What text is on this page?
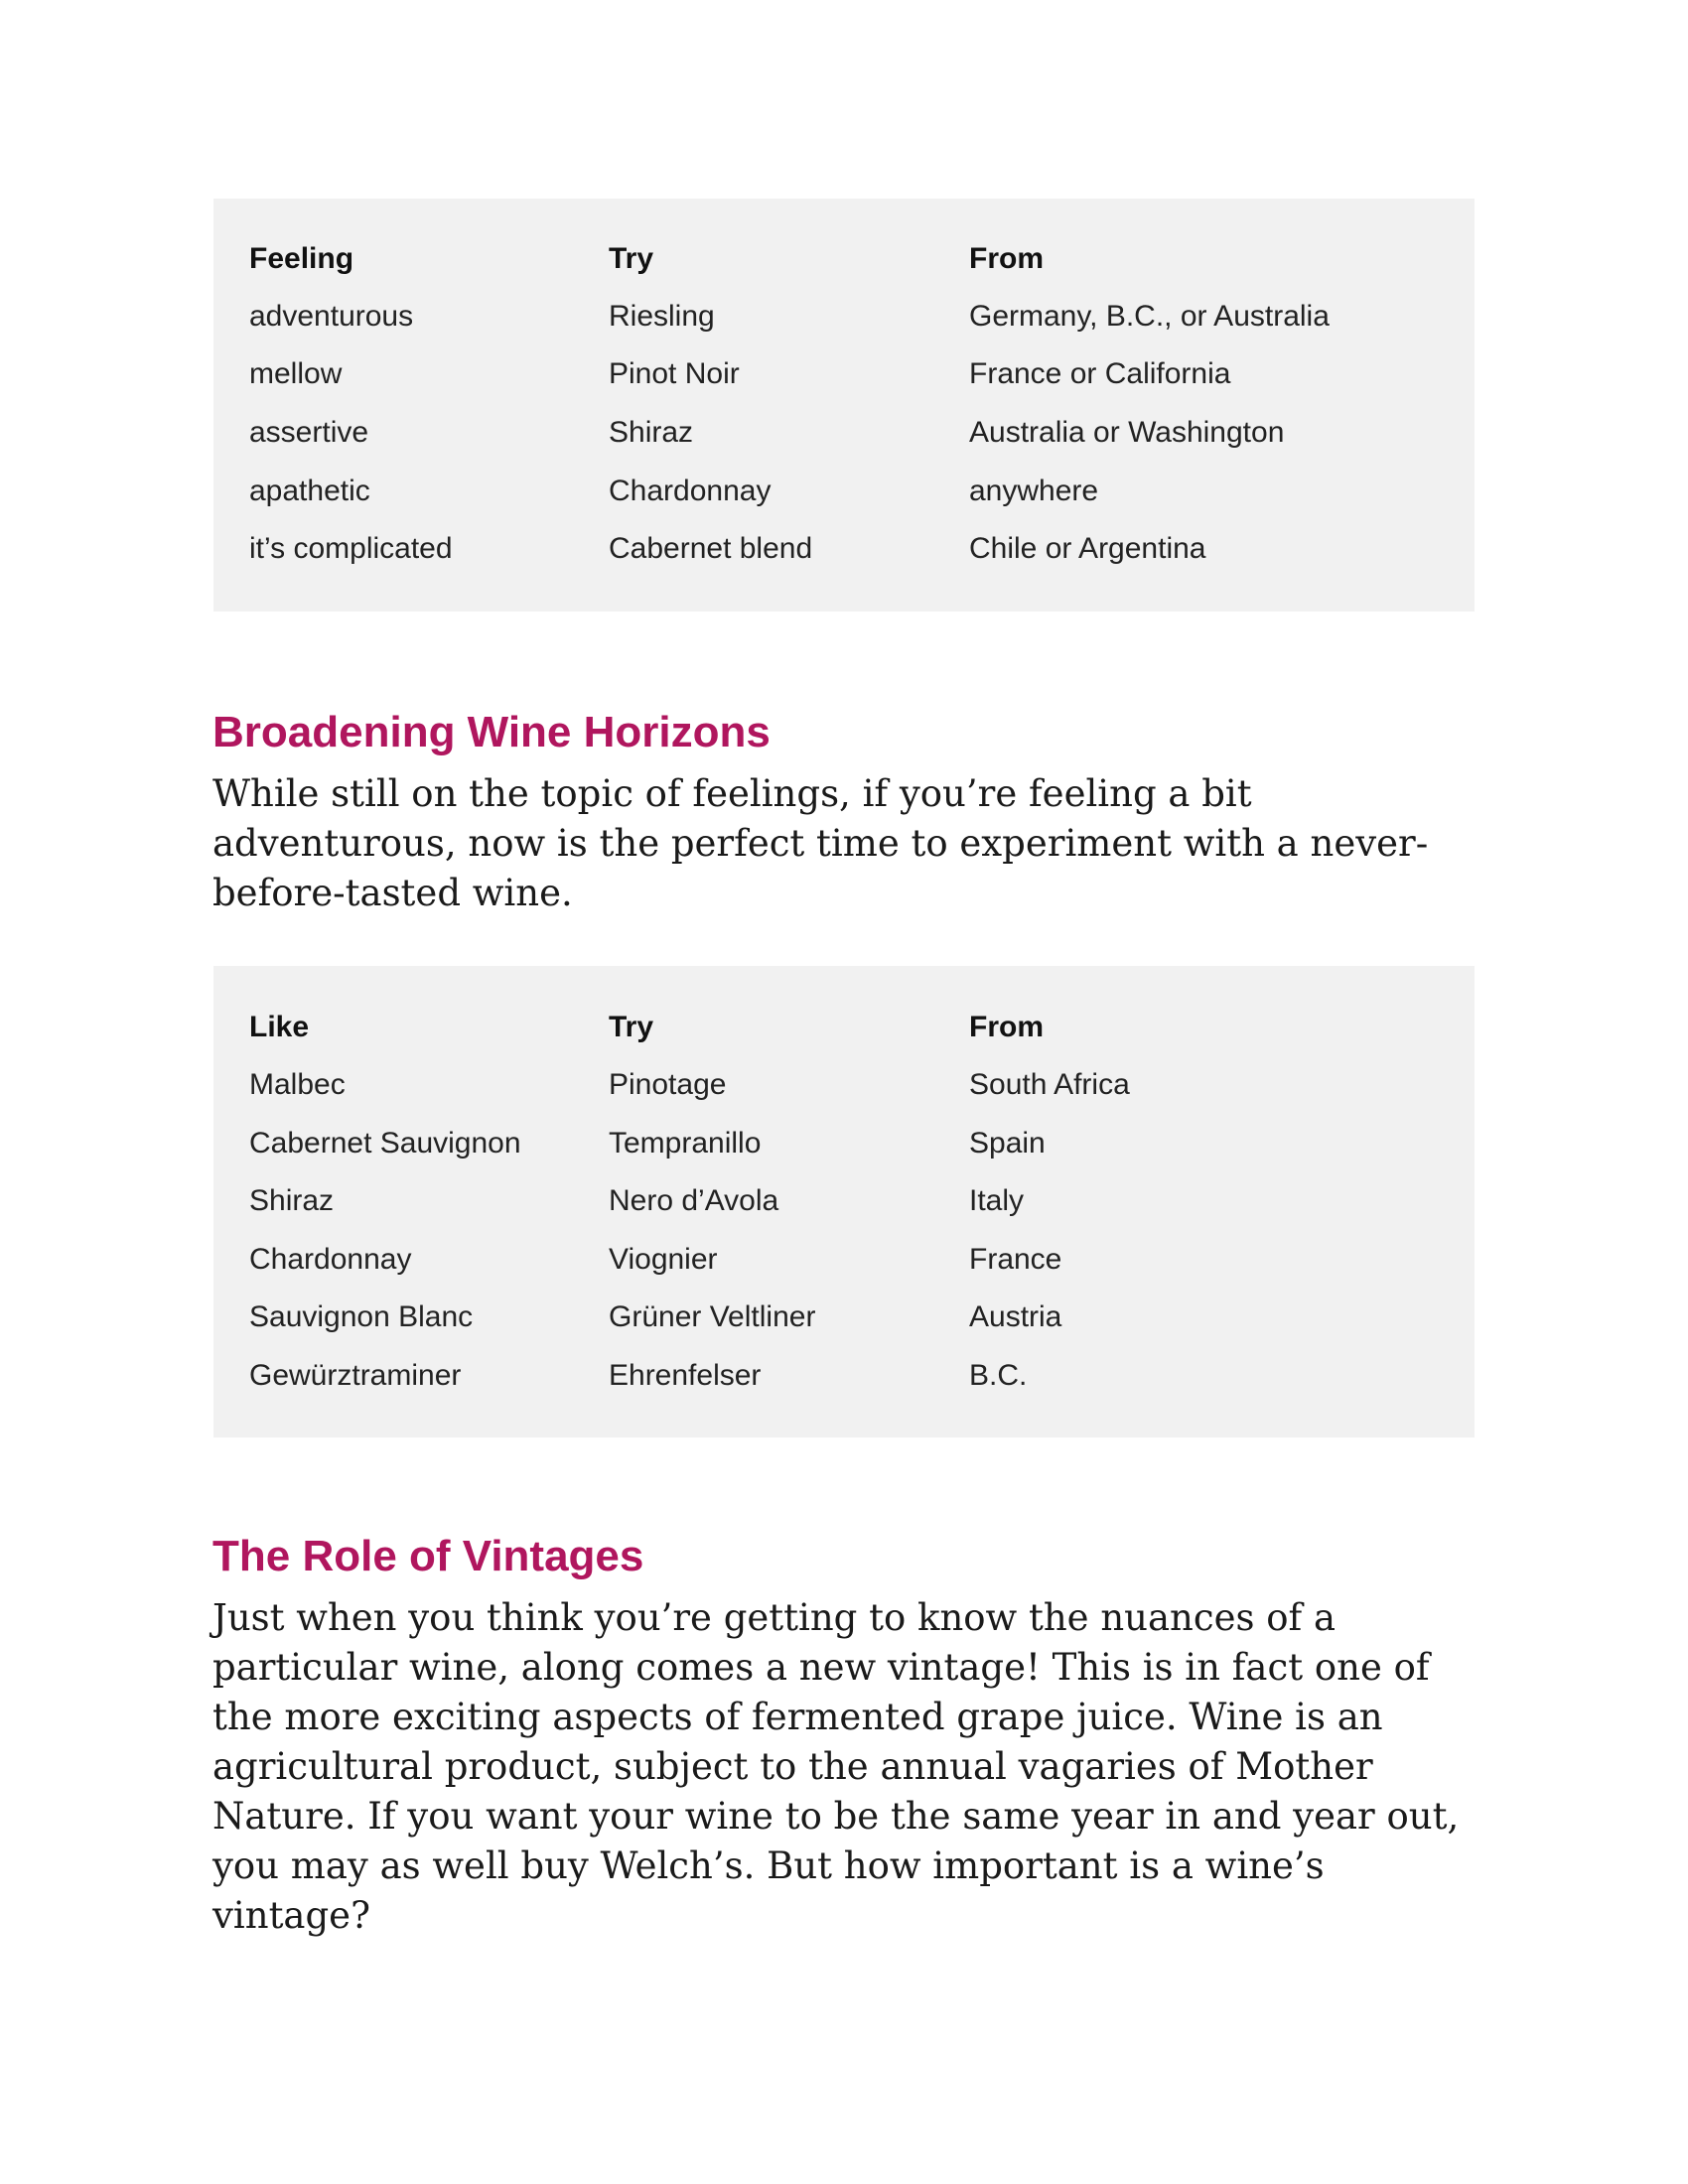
Feeling	Try	From
adventurous	Riesling	Germany, B.C., or Australia
mellow	Pinot Noir	France or California
assertive	Shiraz	Australia or Washington
apathetic	Chardonnay	anywhere
it’s complicated	Cabernet blend	Chile or Argentina
Broadening Wine Horizons

While still on the topic of feelings, if you’re feeling a bit
adventurous, now is the perfect time to experiment with a never-
before-tasted wine.

Like	Try	From
Malbec	Pinotage	South Africa
Cabernet Sauvignon	Tempranillo	Spain
Shiraz	Nero d’Avola	Italy
Chardonnay	Viognier	France
Sauvignon Blanc	Grüner Veltliner	Austria
Gewürztraminer	Ehrenfelser	B.C.
The Role of Vintages

Just when you think you’re getting to know the nuances of a
particular wine, along comes a new vintage! This is in fact one of
the more exciting aspects of fermented grape juice. Wine is an
agricultural product, subject to the annual vagaries of Mother
Nature. If you want your wine to be the same year in and year out,
you may as well buy Welch’s. But how important is a wine’s
vintage?
